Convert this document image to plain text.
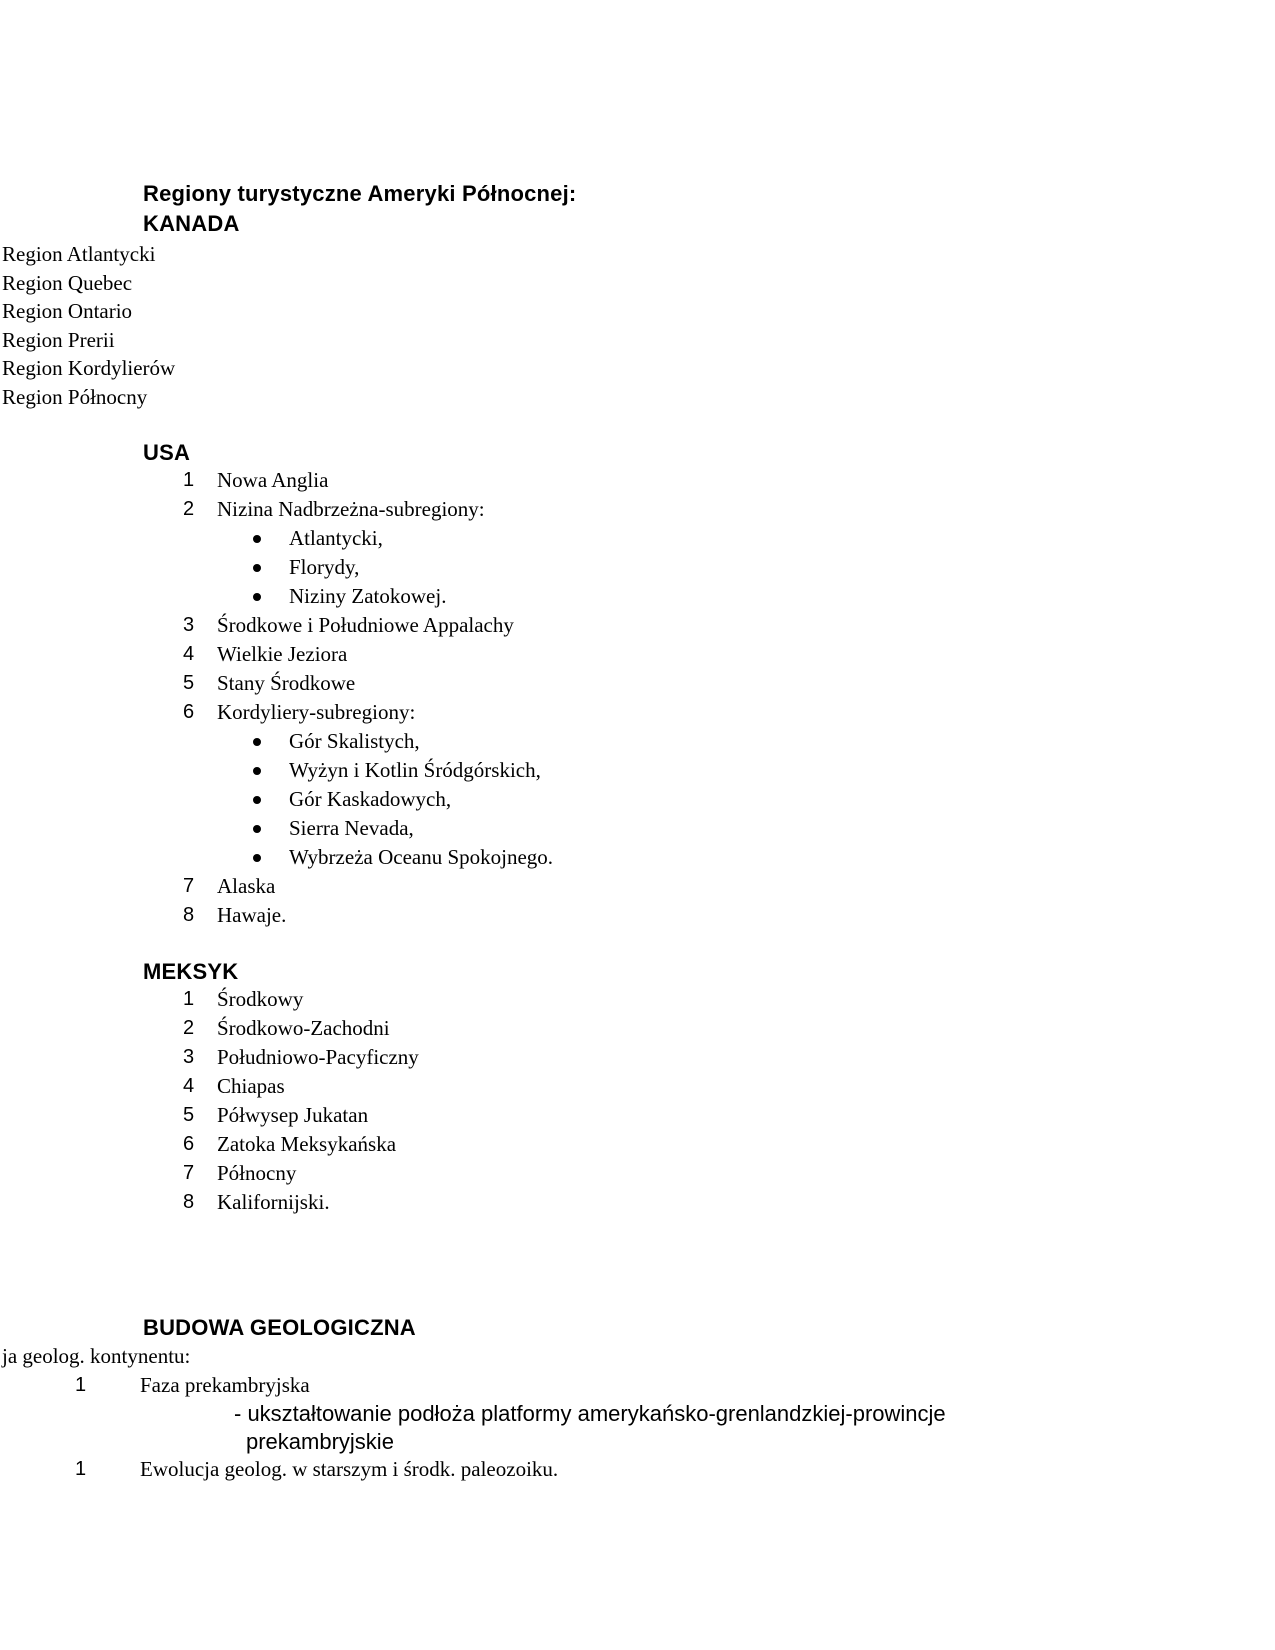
Regiony turystyczne Ameryki Północnej:
KANADA
Region Atlantycki
Region Quebec
Region Ontario
Region Prerii
Region Kordylierów
Region Północny
USA
1 Nowa Anglia
2 Nizina Nadbrzeżna-subregiony:
Atlantycki,
Florydy,
Niziny Zatokowej.
3 Środkowe i Południowe Appalachy
4 Wielkie Jeziora
5 Stany Środkowe
6 Kordyliery-subregiony:
Gór Skalistych,
Wyżyn i Kotlin Śródgórskich,
Gór Kaskadowych,
Sierra Nevada,
Wybrzeża Oceanu Spokojnego.
7 Alaska
8 Hawaje.
MEKSYK
1 Środkowy
2 Środkowo-Zachodni
3 Południowo-Pacyficzny
4 Chiapas
5 Półwysep Jukatan
6 Zatoka Meksykańska
7 Północny
8 Kalifornijski.
BUDOWA GEOLOGICZNA
ja geolog. kontynentu:
1	Faza prekambryjska
- ukształtowanie podłoża platformy amerykańsko-grenlandzkiej-prowincje
prekambryjskie
1	Ewolucja geolog. w starszym i środk. paleozoiku.
